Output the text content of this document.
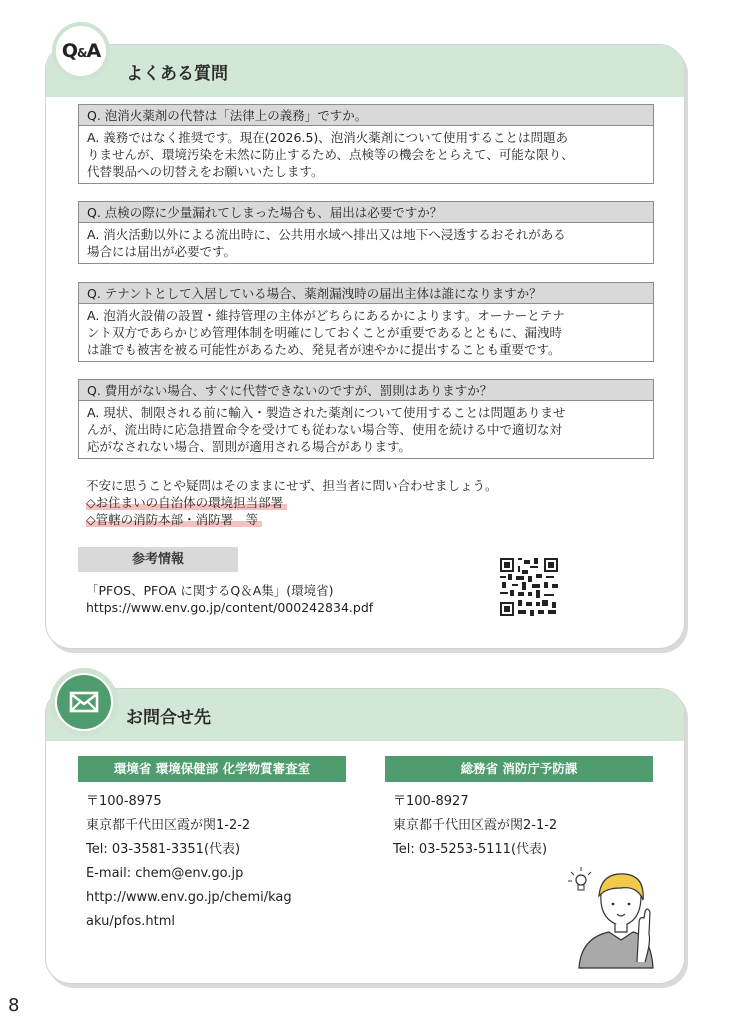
よくある質問
Q&A
Q. 泡消火薬剤の代替は「法律上の義務」ですか。
A. 義務ではなく推奨です。現在(2026.5)、泡消火薬剤について使用することは問題あ
りませんが、環境汚染を未然に防止するため、点検等の機会をとらえて、可能な限り、
代替製品への切替えをお願いいたします。
Q. 点検の際に少量漏れてしまった場合も、届出は必要ですか？
A. 消火活動以外による流出時に、公共用水域へ排出又は地下へ浸透するおそれがある
場合には届出が必要です。
Q. テナントとして入居している場合、薬剤漏洩時の届出主体は誰になりますか？
A. 泡消火設備の設置・維持管理の主体がどちらにあるかによります。オーナーとテナ
ント双方であらかじめ管理体制を明確にしておくことが重要であるとともに、漏洩時
は誰でも被害を被る可能性があるため、発見者が速やかに提出することも重要です。
Q. 費用がない場合、すぐに代替できないのですが、罰則はありますか？
A. 現状、制限される前に輸入・製造された薬剤について使用することは問題ありませ
んが、流出時に応急措置命令を受けても従わない場合等、使用を続ける中で適切な対
応がなされない場合、罰則が適用される場合があります。
不安に思うことや疑問はそのままにせず、担当者に問い合わせましょう。
◇お住まいの自治体の環境担当部署
◇管轄の消防本部・消防署　等
参考情報
「PFOS、PFOA に関するQ＆A集」(環境省)
https://www.env.go.jp/content/000242834.pdf
お問合せ先
環境省 環境保健部 化学物質審査室
〒100-8975
東京都千代田区霞が関1-2-2
Tel: 03-3581-3351(代表)
E-mail: chem@env.go.jp
http://www.env.go.jp/chemi/kag
aku/pfos.html
総務省 消防庁予防課
〒100-8927
東京都千代田区霞が関2-1-2
Tel: 03-5253-5111(代表)
8
